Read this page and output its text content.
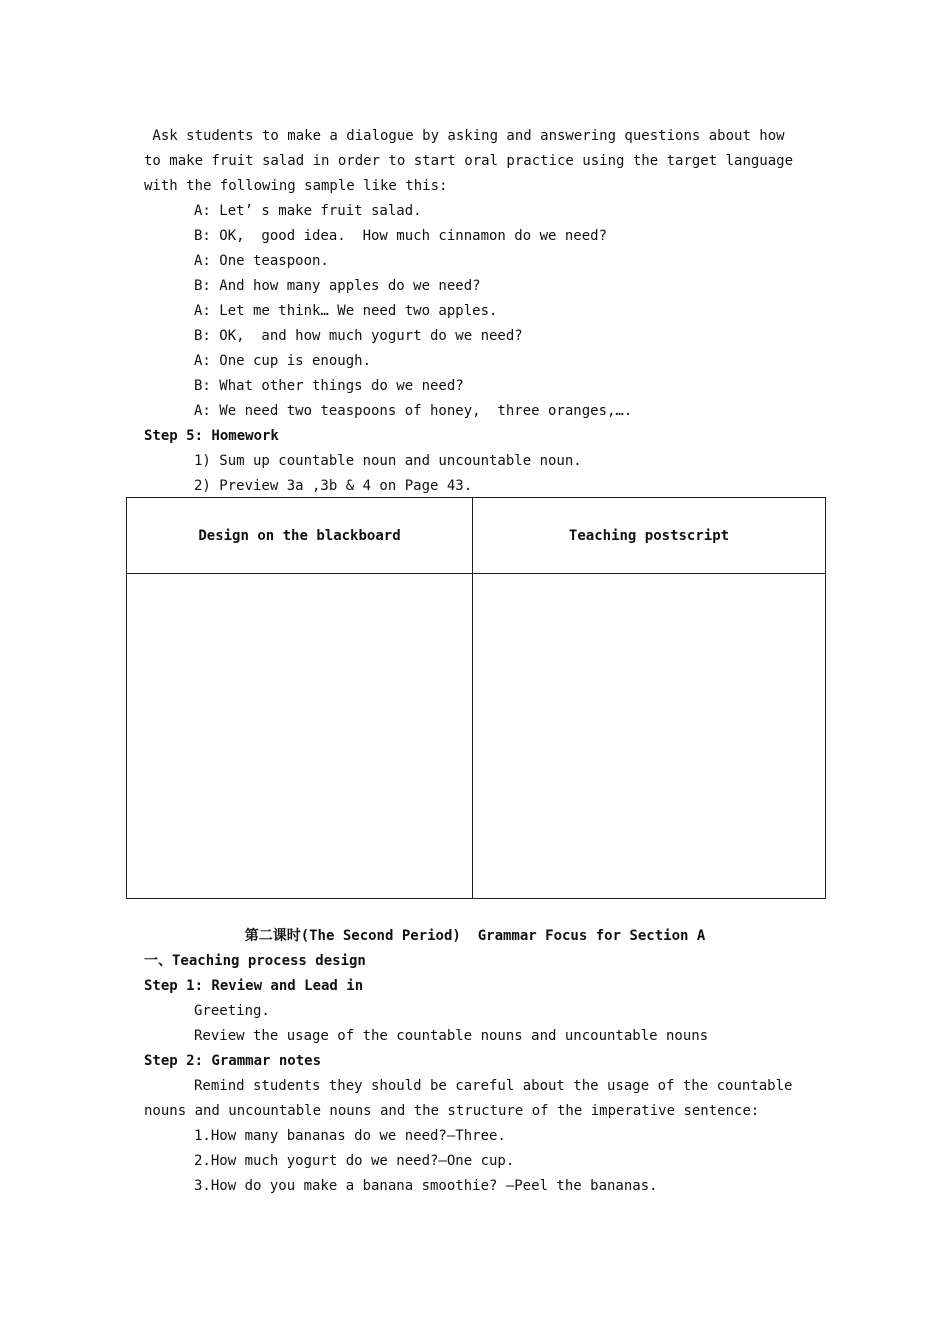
Ask students to make a dialogue by asking and answering questions about how
to make fruit salad in order to start oral practice using the target language
with the following sample like this:
A: Let’ s make fruit salad.
B: OK,  good idea.  How much cinnamon do we need?
A: One teaspoon.
B: And how many apples do we need?
A: Let me think… We need two apples.
B: OK,  and how much yogurt do we need?
A: One cup is enough.
B: What other things do we need?
A: We need two teaspoons of honey,  three oranges,….
Step 5: Homework
1) Sum up countable noun and uncountable noun.
2) Preview 3a ,3b & 4 on Page 43.
Design on the blackboard	Teaching postscript

第二课时(The Second Period)  Grammar Focus for Section A
一、Teaching process design
Step 1: Review and Lead in
Greeting.
Review the usage of the countable nouns and uncountable nouns
Step 2: Grammar notes
Remind students they should be careful about the usage of the countable
nouns and uncountable nouns and the structure of the imperative sentence:
1.How many bananas do we need?—Three.
2.How much yogurt do we need?—One cup.
3.How do you make a banana smoothie? –Peel the bananas.
